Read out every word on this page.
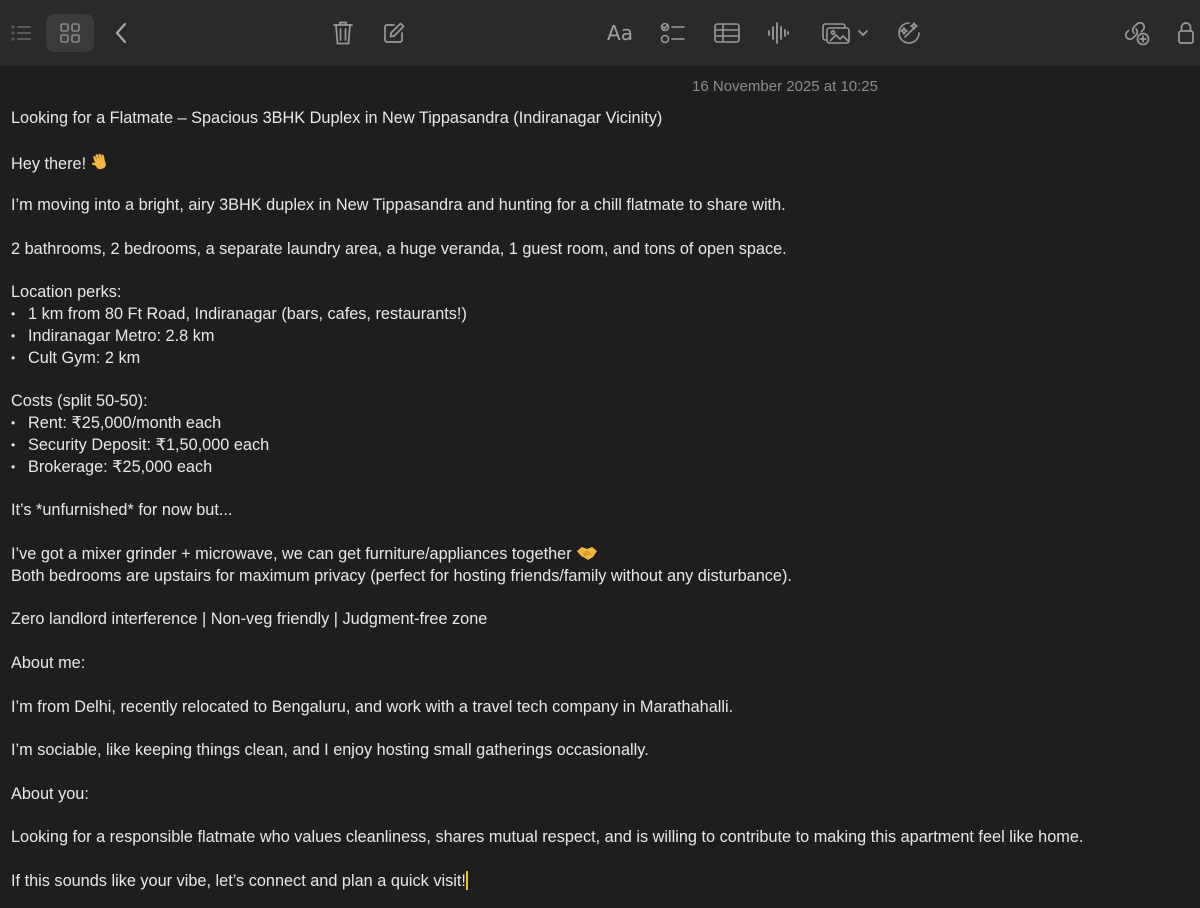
Aa
16 November 2025 at 10:25
Looking for a Flatmate – Spacious 3BHK Duplex in New Tippasandra (Indiranagar Vicinity)
Hey there!
I’m moving into a bright, airy 3BHK duplex in New Tippasandra and hunting for a chill flatmate to share with.
2 bathrooms, 2 bedrooms, a separate laundry area, a huge veranda, 1 guest room, and tons of open space.
Location perks:
• 1 km from 80 Ft Road, Indiranagar (bars, cafes, restaurants!)
• Indiranagar Metro: 2.8 km
• Cult Gym: 2 km
Costs (split 50-50):
• Rent: ₹25,000/month each
• Security Deposit: ₹1,50,000 each
• Brokerage: ₹25,000 each
It’s *unfurnished* for now but...
I’ve got a mixer grinder + microwave, we can get furniture/appliances together
Both bedrooms are upstairs for maximum privacy (perfect for hosting friends/family without any disturbance).
Zero landlord interference | Non-veg friendly | Judgment-free zone
About me:
I’m from Delhi, recently relocated to Bengaluru, and work with a travel tech company in Marathahalli.
I’m sociable, like keeping things clean, and I enjoy hosting small gatherings occasionally.
About you:
Looking for a responsible flatmate who values cleanliness, shares mutual respect, and is willing to contribute to making this apartment feel like home.
If this sounds like your vibe, let’s connect and plan a quick visit!
